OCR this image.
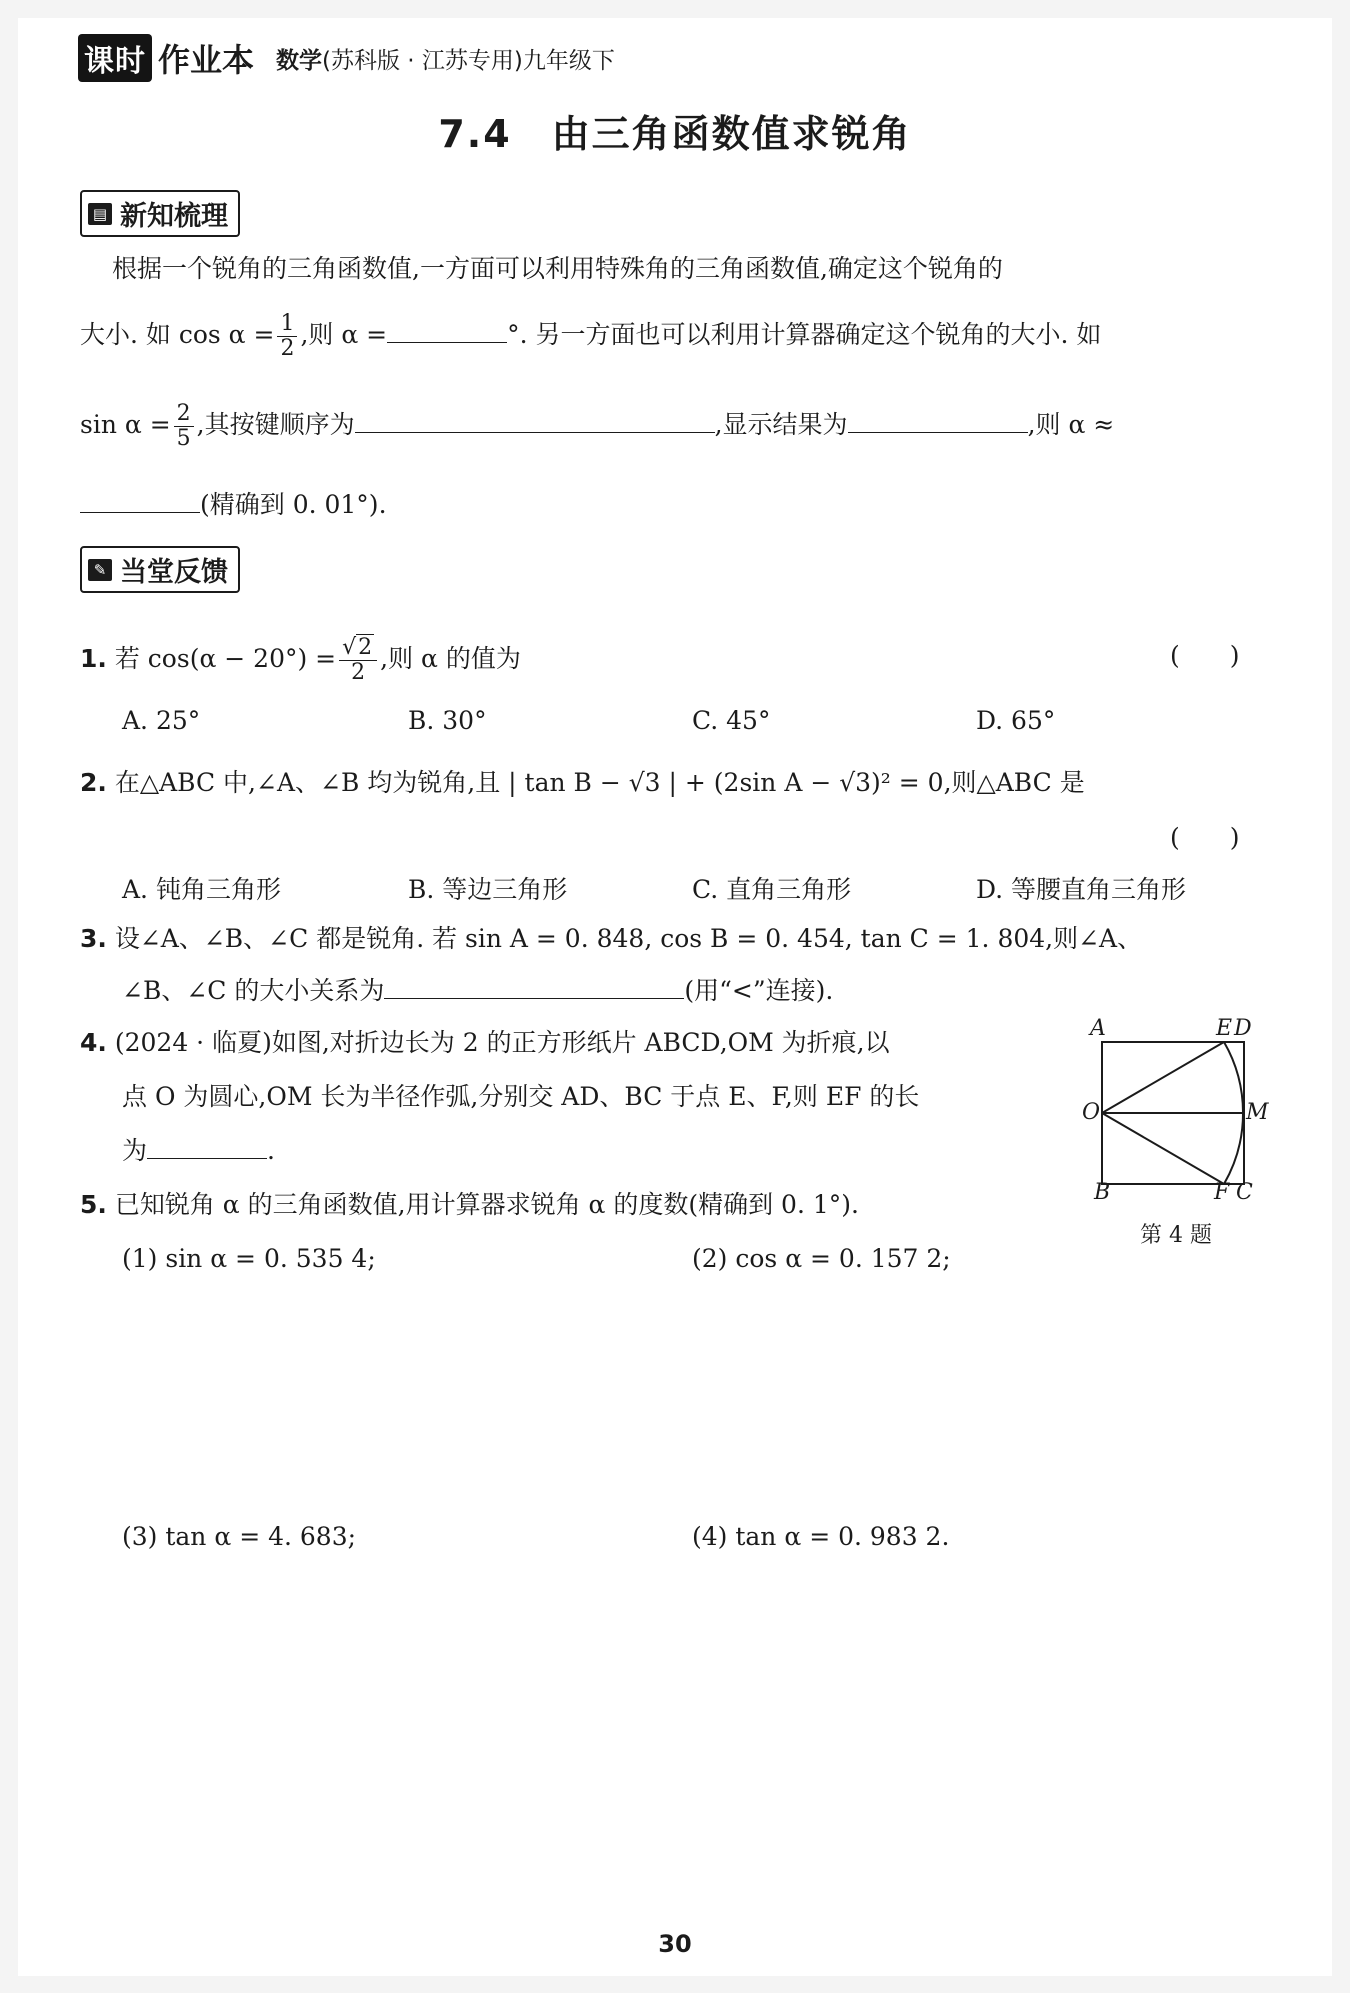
课时 作业本 数学(苏科版 · 江苏专用)九年级下
7.4　由三角函数值求锐角
▤ 新知梳理
根据一个锐角的三角函数值,一方面可以利用特殊角的三角函数值,确定这个锐角的
大小. 如 $\cos \alpha = \frac{1}{2}$ ,则 α =	°. 另一方面也可以利用计算器确定这个锐角的大小. 如
$\sin \alpha = \frac{2}{5}$ ,其按键顺序为	,显示结果为	,则 α ≈
(精确到 0. 01°).
✎ 当堂反馈
1. 若 $\cos(\alpha - 20^\circ) = \frac{√2}{2}$ ,则 α 的值为	(　　)
A. 25°	B. 30°	C. 45°	D. 65°
2. 在△ABC 中,∠A、∠B 均为锐角,且 | tan B − √3 | + (2sin A − √3)² = 0,则△ABC 是
(　　)
A. 钝角三角形	B. 等边三角形	C. 直角三角形	D. 等腰直角三角形
3. 设∠A、∠B、∠C 都是锐角. 若 sin A = 0. 848, cos B = 0. 454, tan C = 1. 804,则∠A、
∠B、∠C 的大小关系为	(用“<”连接).
4. (2024 · 临夏)如图,对折边长为 2 的正方形纸片 ABCD,OM 为折痕,以
点 O 为圆心,OM 长为半径作弧,分别交 AD、BC 于点 E、F,则 EF 的长
为	.
A	E D
O	M
B	F C
第 4 题
5. 已知锐角 α 的三角函数值,用计算器求锐角 α 的度数(精确到 0. 1°).
(1) sin α = 0. 535 4;	(2) cos α = 0. 157 2;
(3) tan α = 4. 683;	(4) tan α = 0. 983 2.
30
